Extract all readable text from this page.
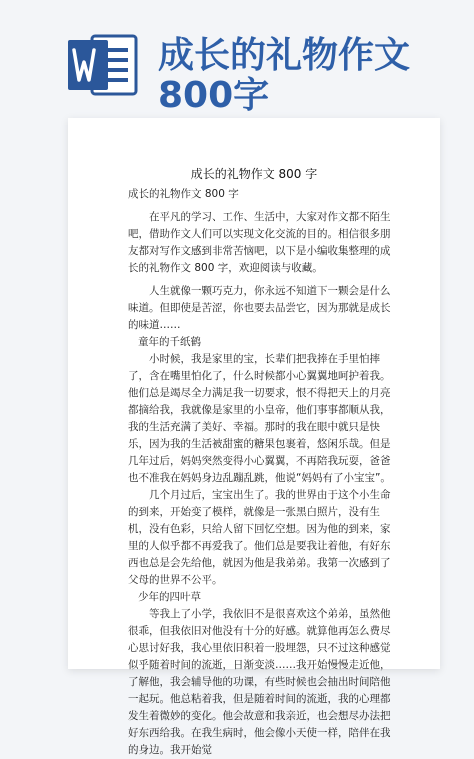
成长的礼物作文800字
成长的礼物作文 800 字

成长的礼物作文 800 字

在平凡的学习、工作、生活中，大家对作文都不陌生吧，借助作文人们可以实现文化交流的目的。相信很多朋友都对写作文感到非常苦恼吧，以下是小编收集整理的成长的礼物作文 800 字，欢迎阅读与收藏。

人生就像一颗巧克力，你永远不知道下一颗会是什么味道。但即使是苦涩，你也要去品尝它，因为那就是成长的味道……

童年的千纸鹤

小时候，我是家里的宝，长辈们把我捧在手里怕摔了，含在嘴里怕化了，什么时候都小心翼翼地呵护着我。他们总是竭尽全力满足我一切要求，恨不得把天上的月亮都摘给我，我就像是家里的小皇帝，他们事事都顺从我，我的生活充满了美好、幸福。那时的我在眼中就只是快乐，因为我的生活被甜蜜的糖果包裹着，悠闲乐哉。但是几年过后，妈妈突然变得小心翼翼，不再陪我玩耍，爸爸也不准我在妈妈身边乱蹦乱跳，他说“妈妈有了小宝宝”。

几个月过后，宝宝出生了。我的世界由于这个小生命的到来，开始变了模样，就像是一张黑白照片，没有生机，没有色彩，只给人留下回忆空想。因为他的到来，家里的人似乎都不再爱我了。他们总是要我让着他，有好东西也总是会先给他，就因为他是我弟弟。我第一次感到了父母的世界不公平。

少年的四叶草

等我上了小学，我依旧不是很喜欢这个弟弟，虽然他很乖，但我依旧对他没有十分的好感。就算他再怎么费尽心思讨好我，我心里依旧积着一股埋怨，只不过这种感觉似乎随着时间的流逝，日渐变淡……我开始慢慢走近他，了解他，我会辅导他的功课，有些时候也会抽出时间陪他一起玩。他总粘着我，但是随着时间的流逝，我的心理都发生着微妙的变化。他会故意和我亲近，也会想尽办法把好东西给我。在我生病时，他会像小天使一样，陪伴在我的身边。我开始觉
